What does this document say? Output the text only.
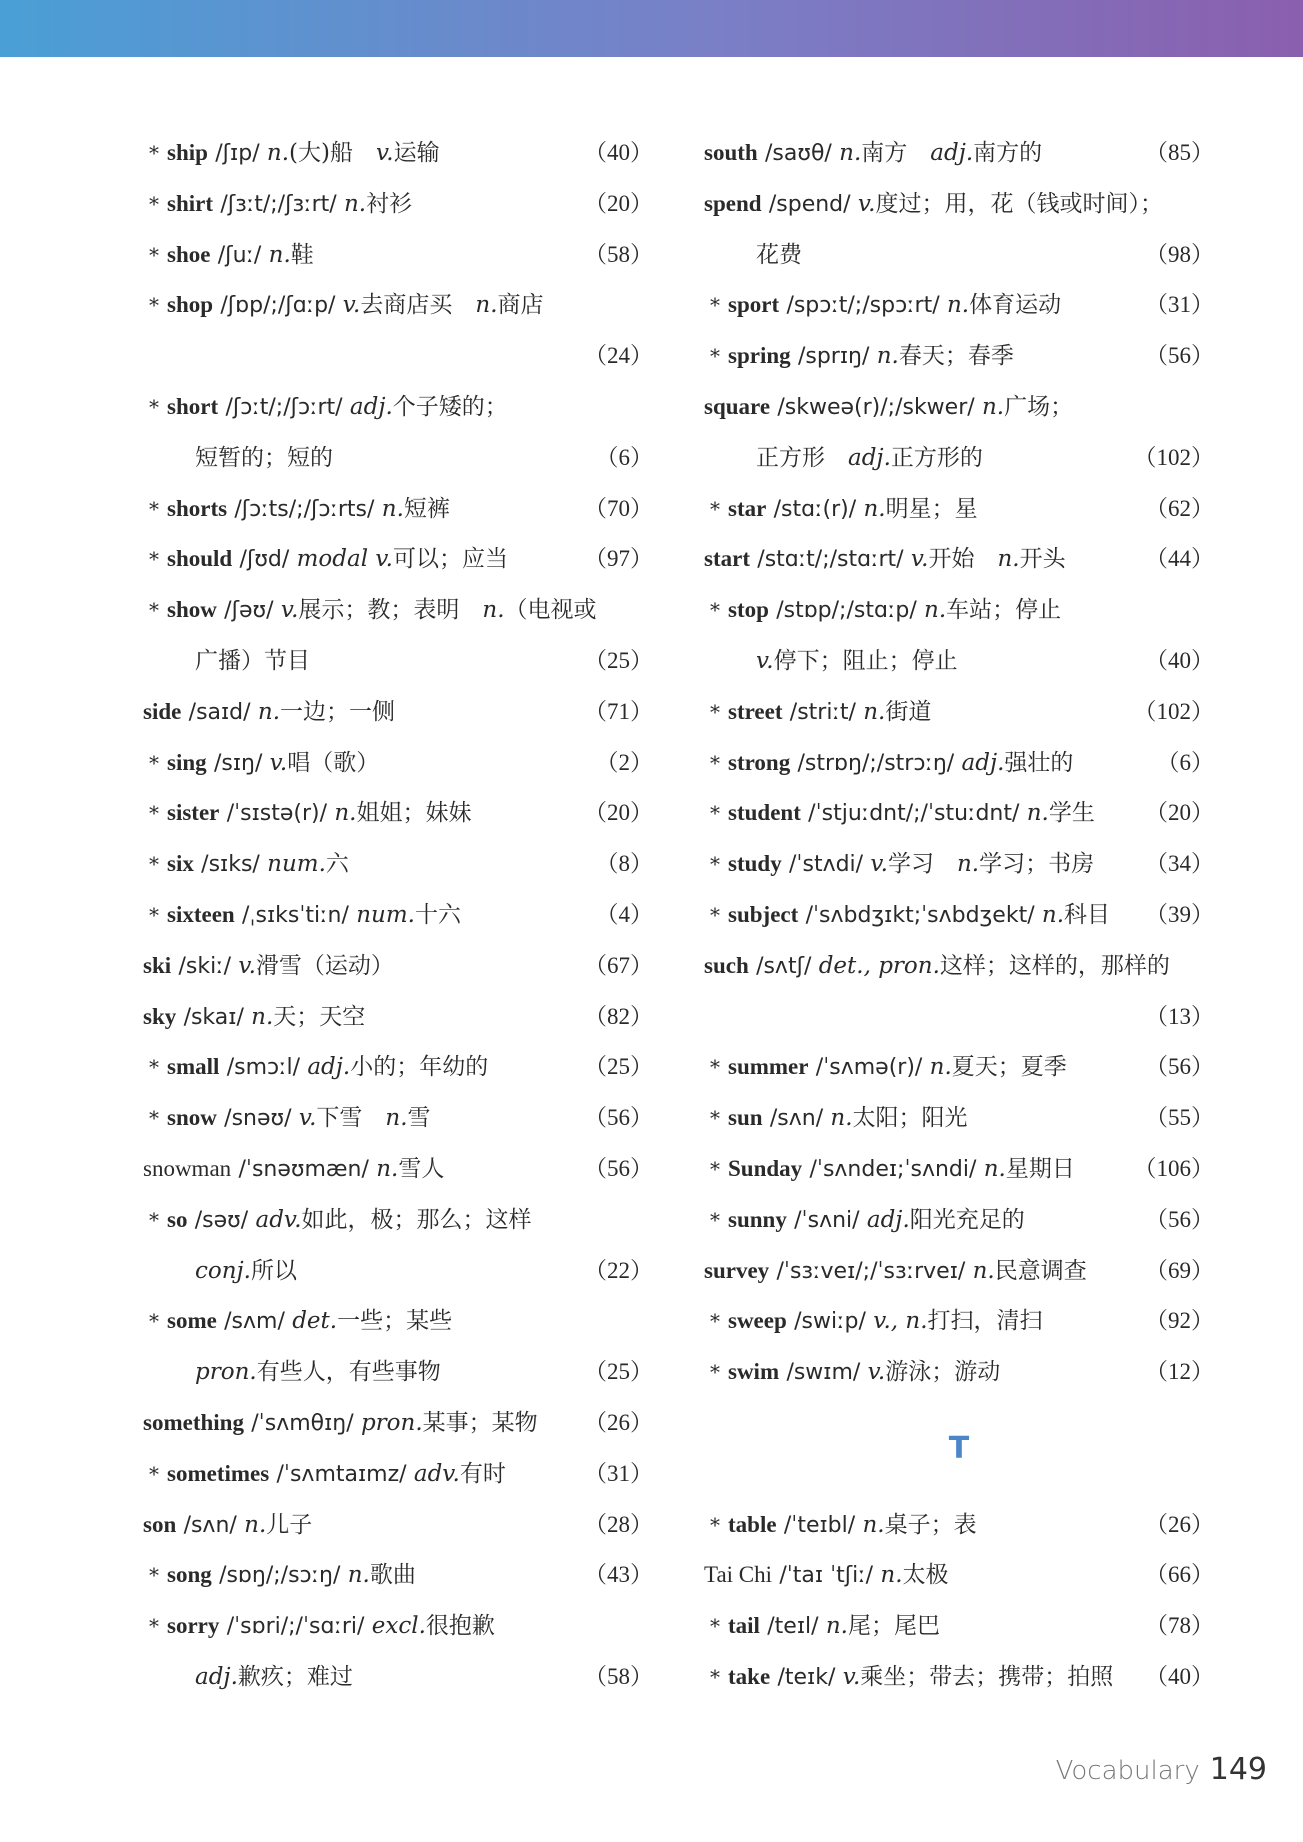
* ship /ʃɪp/ n.(大)船　v.运输	（40）
* shirt /ʃɜːt/;/ʃɜːrt/ n.衬衫	（20）
* shoe /ʃuː/ n.鞋	（58）
* shop /ʃɒp/;/ʃɑːp/ v.去商店买　n.商店
（24）
* short /ʃɔːt/;/ʃɔːrt/ adj.个子矮的；
短暂的；短的	（6）
* shorts /ʃɔːts/;/ʃɔːrts/ n.短裤	（70）
* should /ʃʊd/ modal v.可以；应当	（97）
* show /ʃəʊ/ v.展示；教；表明　n.（电视或
广播）节目	（25）
side /saɪd/ n.一边；一侧	（71）
* sing /sɪŋ/ v.唱（歌）	（2）
* sister /ˈsɪstə(r)/ n.姐姐；妹妹	（20）
* six /sɪks/ num.六	（8）
* sixteen /ˌsɪksˈtiːn/ num.十六	（4）
ski /skiː/ v.滑雪（运动）	（67）
sky /skaɪ/ n.天；天空	（82）
* small /smɔːl/ adj.小的；年幼的	（25）
* snow /snəʊ/ v.下雪　n.雪	（56）
snowman /ˈsnəʊmæn/ n.雪人	（56）
* so /səʊ/ adv.如此，极；那么；这样
conj.所以	（22）
* some /sʌm/ det.一些；某些
pron.有些人，有些事物	（25）
something /ˈsʌmθɪŋ/ pron.某事；某物 （26）
* sometimes /ˈsʌmtaɪmz/ adv.有时	（31）
son /sʌn/ n.儿子	（28）
* song /sɒŋ/;/sɔːŋ/ n.歌曲	（43）
* sorry /ˈsɒri/;/ˈsɑːri/ excl.很抱歉
adj.歉疚；难过	（58）
south /saʊθ/ n.南方　adj.南方的	（85）
spend /spend/ v.度过；用，花（钱或时间）；
花费	（98）
* sport /spɔːt/;/spɔːrt/ n.体育运动	（31）
* spring /sprɪŋ/ n.春天；春季	（56）
square /skweə(r)/;/skwer/ n.广场；
正方形　adj.正方形的	（102）
* star /stɑː(r)/ n.明星；星	（62）
start /stɑːt/;/stɑːrt/ v.开始　n.开头	（44）
* stop /stɒp/;/stɑːp/ n.车站；停止
v.停下；阻止；停止	（40）
* street /striːt/ n.街道	（102）
* strong /strɒŋ/;/strɔːŋ/ adj.强壮的	（6）
* student /ˈstjuːdnt/;/ˈstuːdnt/ n.学生 （20）
* study /ˈstʌdi/ v.学习　n.学习；书房 （34）
* subject /ˈsʌbdʒɪkt;ˈsʌbdʒekt/ n.科目 （39）
such /sʌtʃ/ det., pron.这样；这样的，那样的
（13）
* summer /ˈsʌmə(r)/ n.夏天；夏季	（56）
* sun /sʌn/ n.太阳；阳光	（55）
* Sunday /ˈsʌndeɪ;ˈsʌndi/ n.星期日	（106）
* sunny /ˈsʌni/ adj.阳光充足的	（56）
survey /ˈsɜːveɪ/;/ˈsɜːrveɪ/ n.民意调查	（69）
* sweep /swiːp/ v., n.打扫，清扫	（92）
* swim /swɪm/ v.游泳；游动	（12）
T
* table /ˈteɪbl/ n.桌子；表	（26）
Tai Chi /ˈtaɪ ˈtʃiː/ n.太极	（66）
* tail /teɪl/ n.尾；尾巴	（78）
* take /teɪk/ v.乘坐；带去；携带；拍照 （40）
Vocabulary 149
